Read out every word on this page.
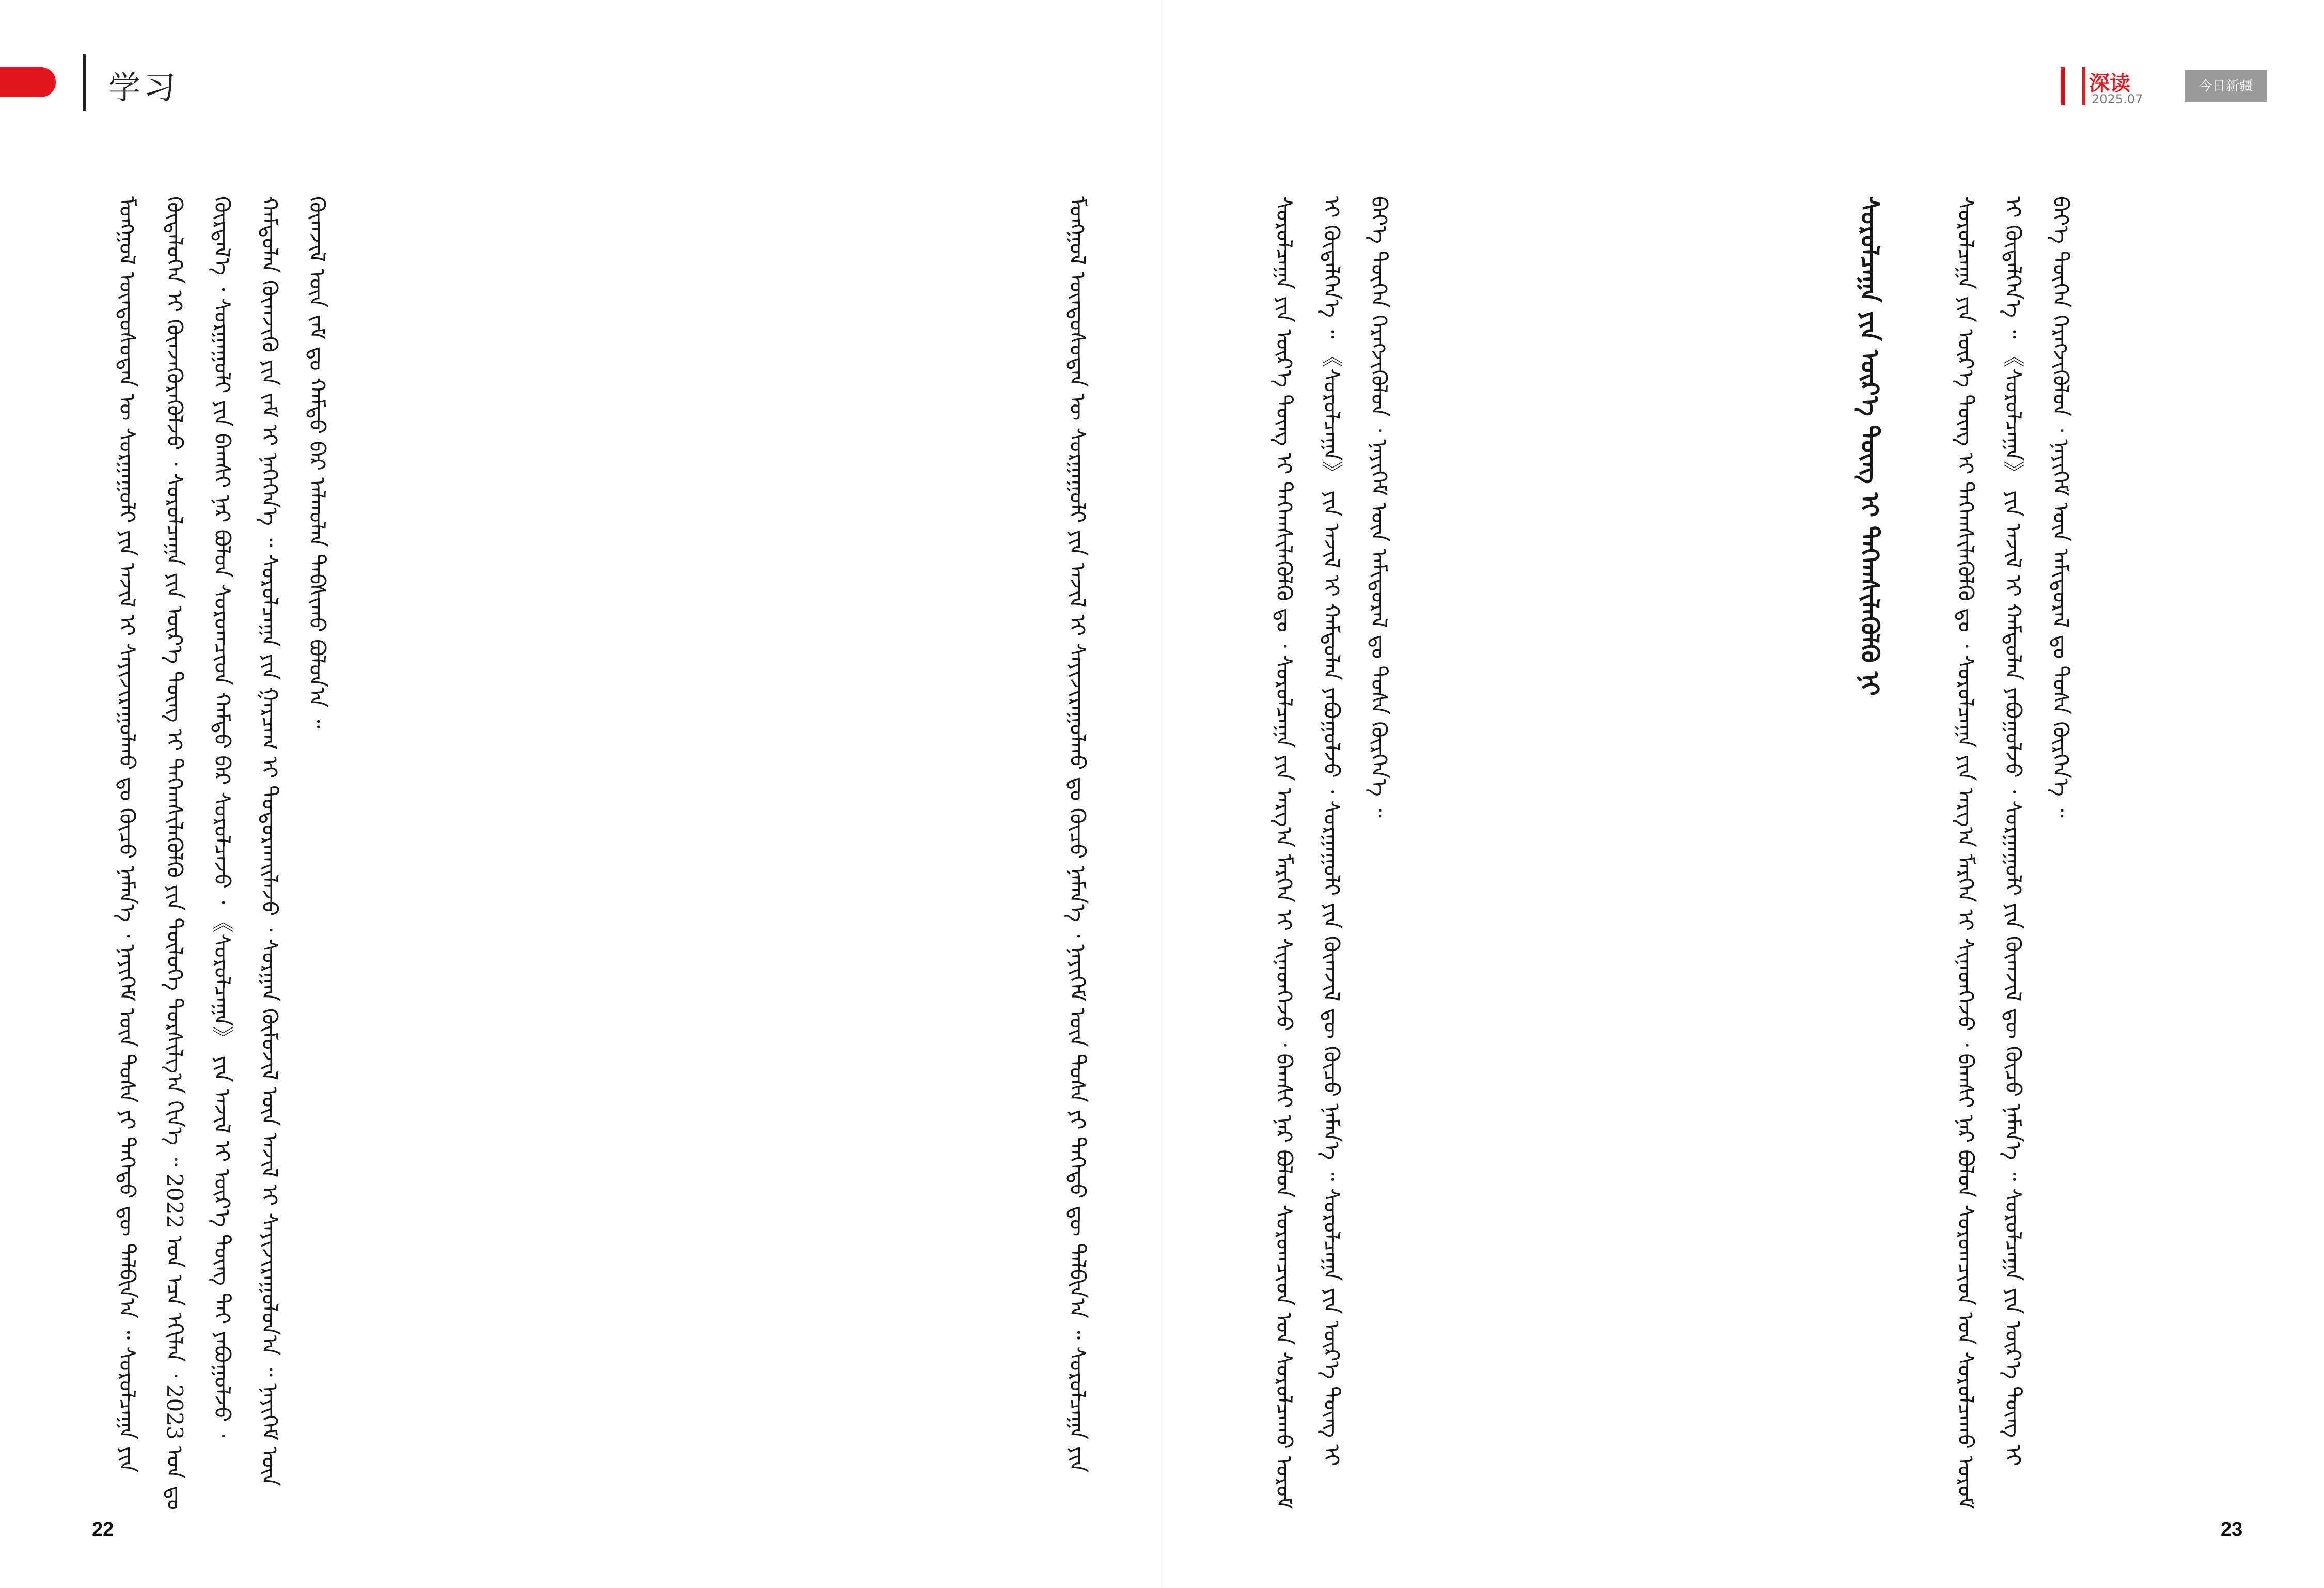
学习	深读
2025.07
今日新疆
ᠮᠣᠩᠭᠣᠯ ᠦᠨᠳᠦᠰᠦᠲᠡᠨ ᠦ ᠰᠤᠷᠭᠠᠭᠤᠯᠢ ᠶᠢᠨ ᠠᠵᠢᠯ ᠢ ᠰᠠᠶᠢᠵᠢᠷᠠᠭᠤᠯᠬᠤ ᠳᠤ ᠬᠦᠴᠦ ᠨᠡᠮᠡᠨ᠎ᠡ ᠂ ᠨᠡᠶᠢᠭᠡᠮ ᠦᠨ ᠲᠤᠰᠠ ᠶᠢ ᠳᠡᠭᠡᠳᠦ ᠳᠦ ᠲᠠᠯᠪᠢᠨ᠎ᠠ ᠃ ᠰᠤᠷᠤᠯᠴᠠᠭᠠ ᠶᠢᠨ ᠬᠥᠳᠡᠯᠦᠭᠡᠨ ᠢ ᠭᠦᠨᠵᠡᠭᠦᠷᠡᠭᠦᠯᠵᠦ ᠂ ᠰᠤᠷᠤᠯᠴᠠᠭᠠ ᠶᠢᠨ ᠦᠷ᠎ᠡ ᠳᠦᠩ ᠢ ᠳᠡᠭᠡᠭ᠍ᠰᠢᠯᠡᠭᠦᠯᠬᠦ ᠶᠢᠨ ᠲᠥᠯᠥᠭᠡ ᠲᠤᠷᠰᠢᠯᠭ᠎ᠠ ᠬᠢᠨ᠎ᠡ ᠃ 2022 ᠣᠨ ᠡᠴᠡ ᠡᠬᠢᠯᠡᠨ ᠂ 2023 ᠣᠨ ᠳᠤ ᠬᠦᠷᠲᠡᠯ᠎ᠡ ᠂ ᠰᠤᠷᠭᠠᠭᠤᠯᠢ ᠶᠢᠨ ᠪᠠᠭᠰᠢ ᠨᠠᠷ ᠪᠣᠯᠣᠨ ᠰᠤᠷᠤᠭᠴᠢᠳ ᠬᠠᠮᠲᠤ ᠪᠡᠷ ᠰᠤᠷᠤᠯᠴᠠᠵᠤ ᠂ 《ᠰᠤᠷᠤᠯᠴᠠᠭᠠ》 ᠶᠢᠨ ᠠᠵᠢᠯ ᠢ ᠦᠷ᠎ᠡ ᠳᠦᠩ ᠲᠡᠢ ᠶᠠᠪᠤᠭᠤᠯᠵᠤ ᠂ ᠬᠠᠮᠲᠤᠯᠠᠨ ᠬᠥᠭ᠍ᠵᠢᠬᠦ ᠶᠢᠨ ᠵᠠᠮ ᠢ ᠨᠡᠭᠡᠭᠡᠨ᠎ᠡ ᠃ ᠰᠤᠷᠤᠯᠴᠠᠭᠠ ᠶᠢᠨ ᠭᠠᠷᠴᠠᠭ ᠢ ᠲᠣᠳᠤᠷᠬᠠᠢᠯᠠᠵᠤ ᠂ ᠰᠤᠷᠭᠠᠨ ᠬᠥᠮᠦᠵᠢᠯ ᠦᠨ ᠠᠵᠢᠯ ᠢ ᠰᠠᠶᠢᠵᠢᠷᠠᠭᠤᠯᠤᠨ᠎ᠠ ᠃ ᠨᠡᠶᠢᠭᠡᠮ ᠦᠨ ᠬᠥᠭ᠍ᠵᠢᠯ ᠦᠨ ᠵᠠᠮ ᠳᠤ ᠬᠠᠮᠲᠤ ᠪᠡᠷ ᠠᠯᠬᠤᠯᠠᠨ ᠳᠠᠪᠰᠢᠬᠤ ᠪᠣᠯᠤᠨ᠎ᠠ ᠃	ᠮᠣᠩᠭᠣᠯ ᠦᠨᠳᠦᠰᠦᠲᠡᠨ ᠦ ᠰᠤᠷᠭᠠᠭᠤᠯᠢ ᠶᠢᠨ ᠠᠵᠢᠯ ᠢ ᠰᠠᠶᠢᠵᠢᠷᠠᠭᠤᠯᠬᠤ ᠳᠤ ᠬᠦᠴᠦ ᠨᠡᠮᠡᠨ᠎ᠡ ᠂ ᠨᠡᠶᠢᠭᠡᠮ ᠦᠨ ᠲᠤᠰᠠ ᠶᠢ ᠳᠡᠭᠡᠳᠦ ᠳᠦ ᠲᠠᠯᠪᠢᠨ᠎ᠠ ᠃ ᠰᠤᠷᠤᠯᠴᠠᠭᠠ ᠶᠢᠨ	ᠰᠤᠷᠤᠯᠴᠠᠭᠠ ᠶᠢᠨ ᠦᠷ᠎ᠡ ᠳᠦᠩ ᠢ ᠳᠡᠭᠡᠭ᠍ᠰᠢᠯᠡᠭᠦᠯᠬᠦ ᠳᠤ ᠂ ᠰᠤᠷᠤᠯᠴᠠᠭᠠ ᠶᠢᠨ ᠠᠷᠭ᠎ᠠ ᠮᠡᠷᠭᠡᠨ ᠢ ᠰᠢᠨᠡᠳᠭᠡᠵᠦ ᠂ ᠪᠠᠭᠰᠢ ᠨᠠᠷ ᠪᠣᠯᠣᠨ ᠰᠤᠷᠤᠭᠴᠢᠳ ᠤᠨ ᠰᠤᠷᠤᠯᠴᠠᠬᠤ ᠤᠷᠤᠮ ᠢ ᠬᠥᠳᠡᠯᠭᠡᠨ᠎ᠡ ᠃ 《ᠰᠤᠷᠤᠯᠴᠠᠭᠠ》 ᠶᠢᠨ ᠠᠵᠢᠯ ᠢ ᠬᠠᠮᠲᠤᠯᠠᠨ ᠶᠠᠪᠤᠭᠤᠯᠵᠤ ᠂ ᠰᠤᠷᠭᠠᠭᠤᠯᠢ ᠶᠢᠨ ᠬᠥᠭ᠍ᠵᠢᠯ ᠳᠦ ᠬᠦᠴᠦ ᠨᠡᠮᠡᠨ᠎ᠡ ᠃ ᠰᠤᠷᠤᠯᠴᠠᠭᠠ ᠶᠢᠨ ᠦᠷ᠎ᠡ ᠳᠦᠩ ᠢ ᠪᠡᠶ᠎ᠡ ᠳᠦᠭᠡᠨ ᠬᠡᠷᠡᠭᠵᠢᠭᠦᠯᠦᠨ ᠂ ᠨᠡᠶᠢᠭᠡᠮ ᠦᠨ ᠠᠮᠢᠳᠤᠷᠠᠯ ᠳᠤ ᠲᠤᠰᠠ ᠬᠦᠷᠭᠡᠨ᠎ᠡ ᠃	ᠰᠤᠷᠤᠯᠴᠠᠭᠠ ᠶᠢᠨ ᠦᠷ᠎ᠡ ᠳᠦᠩ ᠢ ᠳᠡᠭᠡᠭ᠍ᠰᠢᠯᠡᠭᠦᠯᠬᠦ ᠨᠢ	ᠰᠤᠷᠤᠯᠴᠠᠭᠠ ᠶᠢᠨ ᠦᠷ᠎ᠡ ᠳᠦᠩ ᠢ ᠳᠡᠭᠡᠭ᠍ᠰᠢᠯᠡᠭᠦᠯᠬᠦ ᠳᠤ ᠂ ᠰᠤᠷᠤᠯᠴᠠᠭᠠ ᠶᠢᠨ ᠠᠷᠭ᠎ᠠ ᠮᠡᠷᠭᠡᠨ ᠢ ᠰᠢᠨᠡᠳᠭᠡᠵᠦ ᠂ ᠪᠠᠭᠰᠢ ᠨᠠᠷ ᠪᠣᠯᠣᠨ ᠰᠤᠷᠤᠭᠴᠢᠳ ᠤᠨ ᠰᠤᠷᠤᠯᠴᠠᠬᠤ ᠤᠷᠤᠮ ᠢ ᠬᠥᠳᠡᠯᠭᠡᠨ᠎ᠡ ᠃ 《ᠰᠤᠷᠤᠯᠴᠠᠭᠠ》 ᠶᠢᠨ ᠠᠵᠢᠯ ᠢ ᠬᠠᠮᠲᠤᠯᠠᠨ ᠶᠠᠪᠤᠭᠤᠯᠵᠤ ᠂ ᠰᠤᠷᠭᠠᠭᠤᠯᠢ ᠶᠢᠨ ᠬᠥᠭ᠍ᠵᠢᠯ ᠳᠦ ᠬᠦᠴᠦ ᠨᠡᠮᠡᠨ᠎ᠡ ᠃ ᠰᠤᠷᠤᠯᠴᠠᠭᠠ ᠶᠢᠨ ᠦᠷ᠎ᠡ ᠳᠦᠩ ᠢ ᠪᠡᠶ᠎ᠡ ᠳᠦᠭᠡᠨ ᠬᠡᠷᠡᠭᠵᠢᠭᠦᠯᠦᠨ ᠂ ᠨᠡᠶᠢᠭᠡᠮ ᠦᠨ ᠠᠮᠢᠳᠤᠷᠠᠯ ᠳᠤ ᠲᠤᠰᠠ ᠬᠦᠷᠭᠡᠨ᠎ᠡ ᠃
22	23
